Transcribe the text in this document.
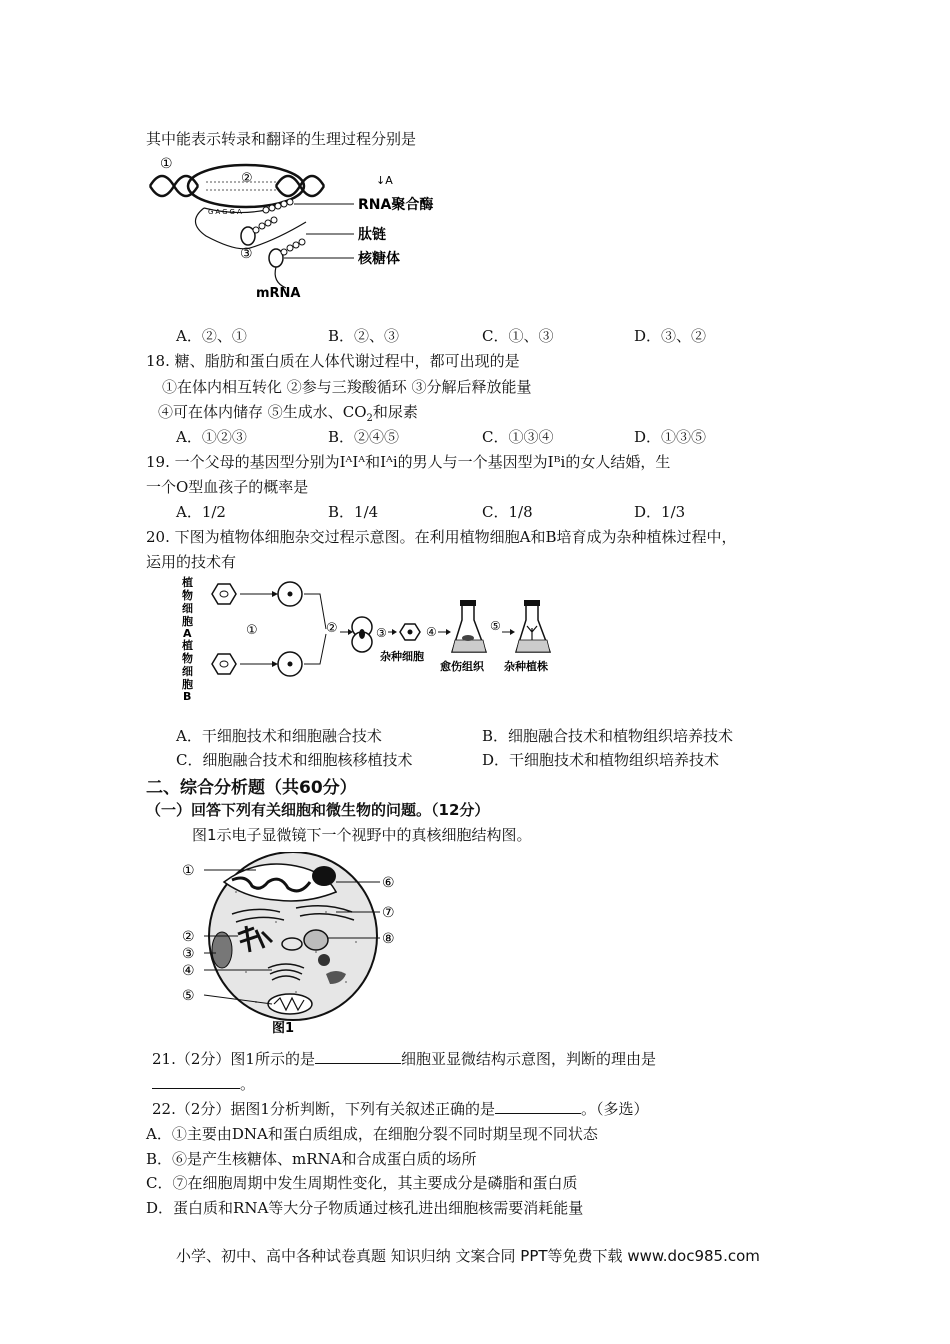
其中能表示转录和翻译的生理过程分别是
②
①
GAGGA
③
↓A
RNA聚合酶
肽链
核糖体
mRNA
A．②、①	B．②、③	C．①、③	D．③、②
18. 糖、脂肪和蛋白质在人体代谢过程中，都可出现的是
①在体内相互转化 ②参与三羧酸循环 ③分解后释放能量
④可在体内储存 ⑤生成水、$CO_2$和尿素
A．①②③	B．②④⑤	C．①③④	D．①③⑤
19. 一个父母的基因型分别为IᴬIᴬ和Iᴬi的男人与一个基因型为Iᴮi的女人结婚，生
一个O型血孩子的概率是
A．1/2	B．1/4	C．1/8	D．1/3
20. 下图为植物体细胞杂交过程示意图。在利用植物细胞A和B培育成为杂种植株过程中，
运用的技术有
植
物
细
胞
A
植
物
细
胞
B
①	②	③
杂种细胞
④
愈伤组织
⑤
杂种植株
A．干细胞技术和细胞融合技术	B．细胞融合技术和植物组织培养技术
C．细胞融合技术和细胞核移植技术	D．干细胞技术和植物组织培养技术
二、综合分析题（共60分）
（一）回答下列有关细胞和微生物的问题。（12分）
图1示电子显微镜下一个视野中的真核细胞结构图。
①
②
③
④
⑤
⑥
⑦
⑧
图1
21.（2分）图1所示的是	细胞亚显微结构示意图，判断的理由是
。
22.（2分）据图1分析判断，下列有关叙述正确的是	。（多选）
A．①主要由DNA和蛋白质组成，在细胞分裂不同时期呈现不同状态
B．⑥是产生核糖体、mRNA和合成蛋白质的场所
C．⑦在细胞周期中发生周期性变化，其主要成分是磷脂和蛋白质
D．蛋白质和RNA等大分子物质通过核孔进出细胞核需要消耗能量
小学、初中、高中各种试卷真题 知识归纳 文案合同 PPT等免费下载 www.doc985.com
